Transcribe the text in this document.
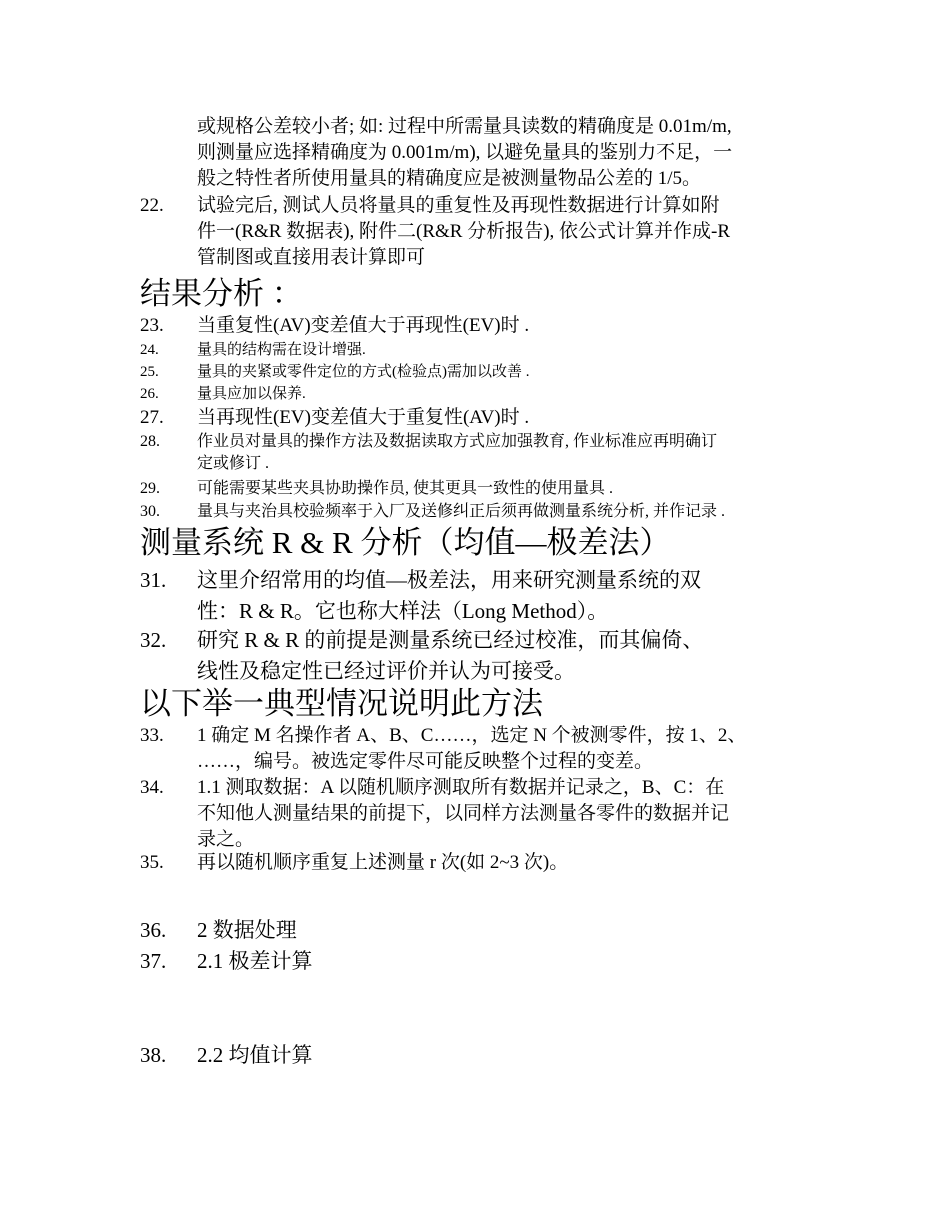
或规格公差较小者; 如: 过程中所需量具读数的精确度是 0.01m/m,
则测量应选择精确度为 0.001m/m), 以避免量具的鉴别力不足，一
般之特性者所使用量具的精确度应是被测量物品公差的 1/5。
22. 试验完后, 测试人员将量具的重复性及再现性数据进行计算如附
件一(R&R 数据表), 附件二(R&R 分析报告), 依公式计算并作成-R
管制图或直接用表计算即可
结果分析 ：
23. 当重复性(AV)变差值大于再现性(EV)时 .
24.	量具的结构需在设计增强.
25.	量具的夹紧或零件定位的方式(检验点)需加以改善 .
26.	量具应加以保养.
27. 当再现性(EV)变差值大于重复性(AV)时 .
28. 作业员对量具的操作方法及数据读取方式应加强教育, 作业标准应再明确订
定或修订 .
29. 可能需要某些夹具协助操作员, 使其更具一致性的使用量具 .
30. 量具与夹治具校验频率于入厂及送修纠正后须再做测量系统分析, 并作记录 .
测量系统 R & R 分析（均值—极差法）
31. 这里介绍常用的均值—极差法，用来研究测量系统的双
性：R & R。它也称大样法（Long Method）。
32. 研究 R & R 的前提是测量系统已经过校准，而其偏倚、
线性及稳定性已经过评价并认为可接受。
以下举一典型情况说明此方法
33. 1 确定 M 名操作者 A、B、C……，选定 N 个被测零件，按 1、2、
……，编号。被选定零件尽可能反映整个过程的变差。
34. 1.1 测取数据：A 以随机顺序测取所有数据并记录之，B、C：在
不知他人测量结果的前提下，以同样方法测量各零件的数据并记
录之。
35. 再以随机顺序重复上述测量 r 次(如 2~3 次)。
36. 2 数据处理
37. 2.1 极差计算
38. 2.2 均值计算
